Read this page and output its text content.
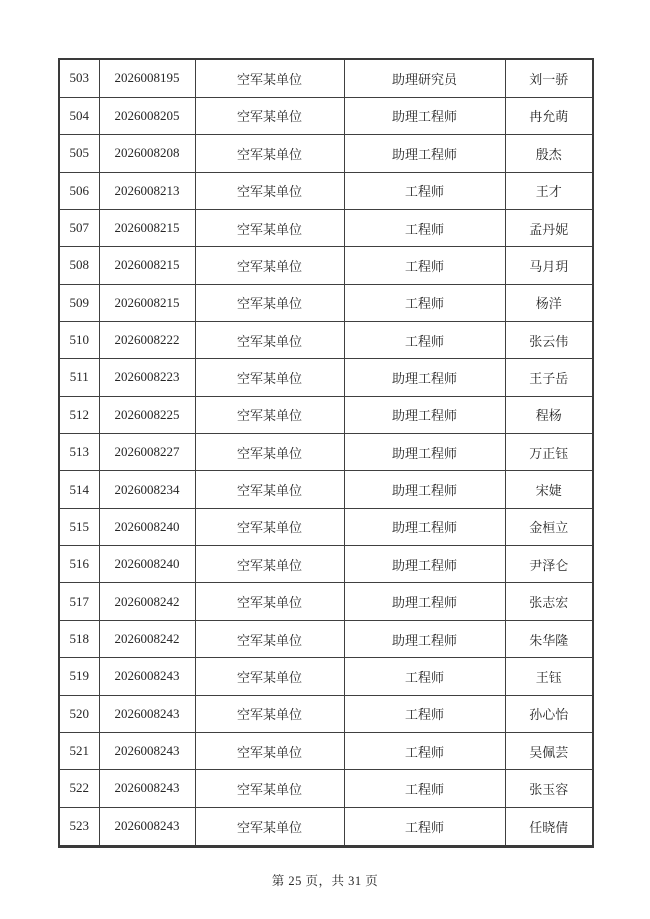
503	2026008195	空军某单位	助理研究员	刘一骄
504	2026008205	空军某单位	助理工程师	冉允萌
505	2026008208	空军某单位	助理工程师	殷杰
506	2026008213	空军某单位	工程师	王才
507	2026008215	空军某单位	工程师	孟丹妮
508	2026008215	空军某单位	工程师	马月玥
509	2026008215	空军某单位	工程师	杨洋
510	2026008222	空军某单位	工程师	张云伟
511	2026008223	空军某单位	助理工程师	王子岳
512	2026008225	空军某单位	助理工程师	程杨
513	2026008227	空军某单位	助理工程师	万正钰
514	2026008234	空军某单位	助理工程师	宋婕
515	2026008240	空军某单位	助理工程师	金桓立
516	2026008240	空军某单位	助理工程师	尹泽仑
517	2026008242	空军某单位	助理工程师	张志宏
518	2026008242	空军某单位	助理工程师	朱华隆
519	2026008243	空军某单位	工程师	王钰
520	2026008243	空军某单位	工程师	孙心怡
521	2026008243	空军某单位	工程师	吴佩芸
522	2026008243	空军某单位	工程师	张玉容
523	2026008243	空军某单位	工程师	任晓倩
第 25 页，共 31 页
